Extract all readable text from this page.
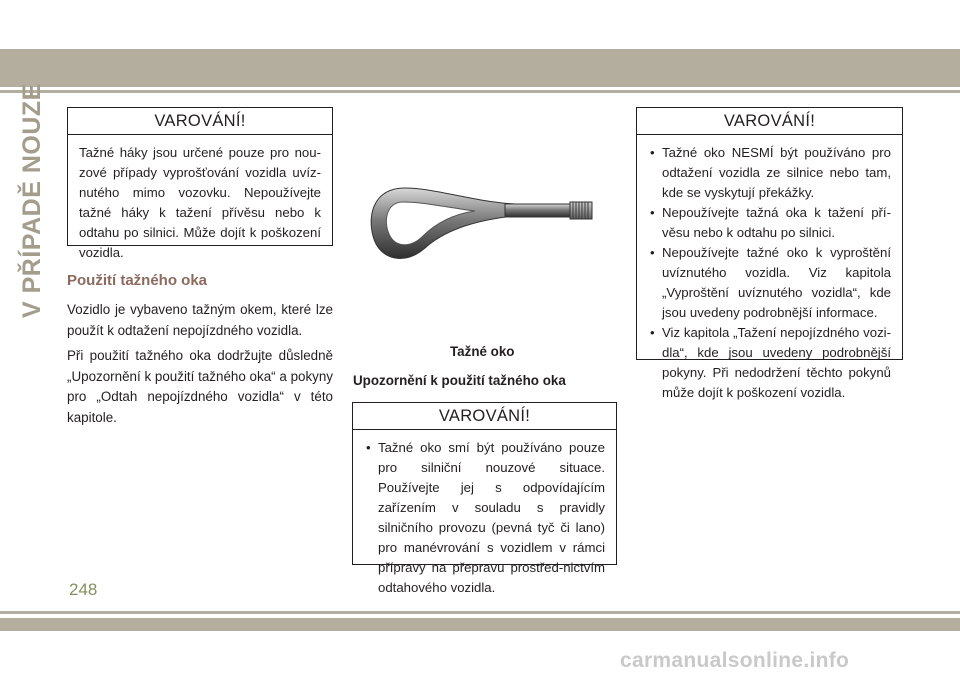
V PŘÍPADĚ NOUZE	VAROVÁNÍ!

Tažné háky jsou určené pouze pro nou-zové případy vyprošťování vozidla uvíz-nutého mimo vozovku. Nepoužívejte tažné háky k tažení přívěsu nebo k odtahu po silnici. Může dojít k poškození vozidla.

Použití tažného oka

Vozidlo je vybaveno tažným okem, které lze použít k odtažení nepojízdného vozidla.

Při použití tažného oka dodržujte důsledně „Upozornění k použití tažného oka“ a pokyny pro „Odtah nepojízdného vozidla“ v této kapitole.

Tažné oko
Upozornění k použití tažného oka
VAROVÁNÍ!
• Tažné oko smí být používáno pouze pro silniční nouzové situace. Používejte jej s odpovídajícím zařízením v souladu s pravidly silničního provozu (pevná tyč či lano) pro manévrování s vozidlem v rámci přípravy na přepravu prostřed-nictvím odtahového vozidla.
VAROVÁNÍ!
• Tažné oko NESMÍ být používáno pro odtažení vozidla ze silnice nebo tam, kde se vyskytují překážky.
• Nepoužívejte tažná oka k tažení pří-věsu nebo k odtahu po silnici.
• Nepoužívejte tažné oko k vyproštění uvíznutého vozidla. Viz kapitola „Vyproštění uvíznutého vozidla“, kde jsou uvedeny podrobnější informace.
• Viz kapitola „Tažení nepojízdného vozi-dla“, kde jsou uvedeny podrobnější pokyny. Při nedodržení těchto pokynů může dojít k poškození vozidla.
248
carmanualsonline.info
